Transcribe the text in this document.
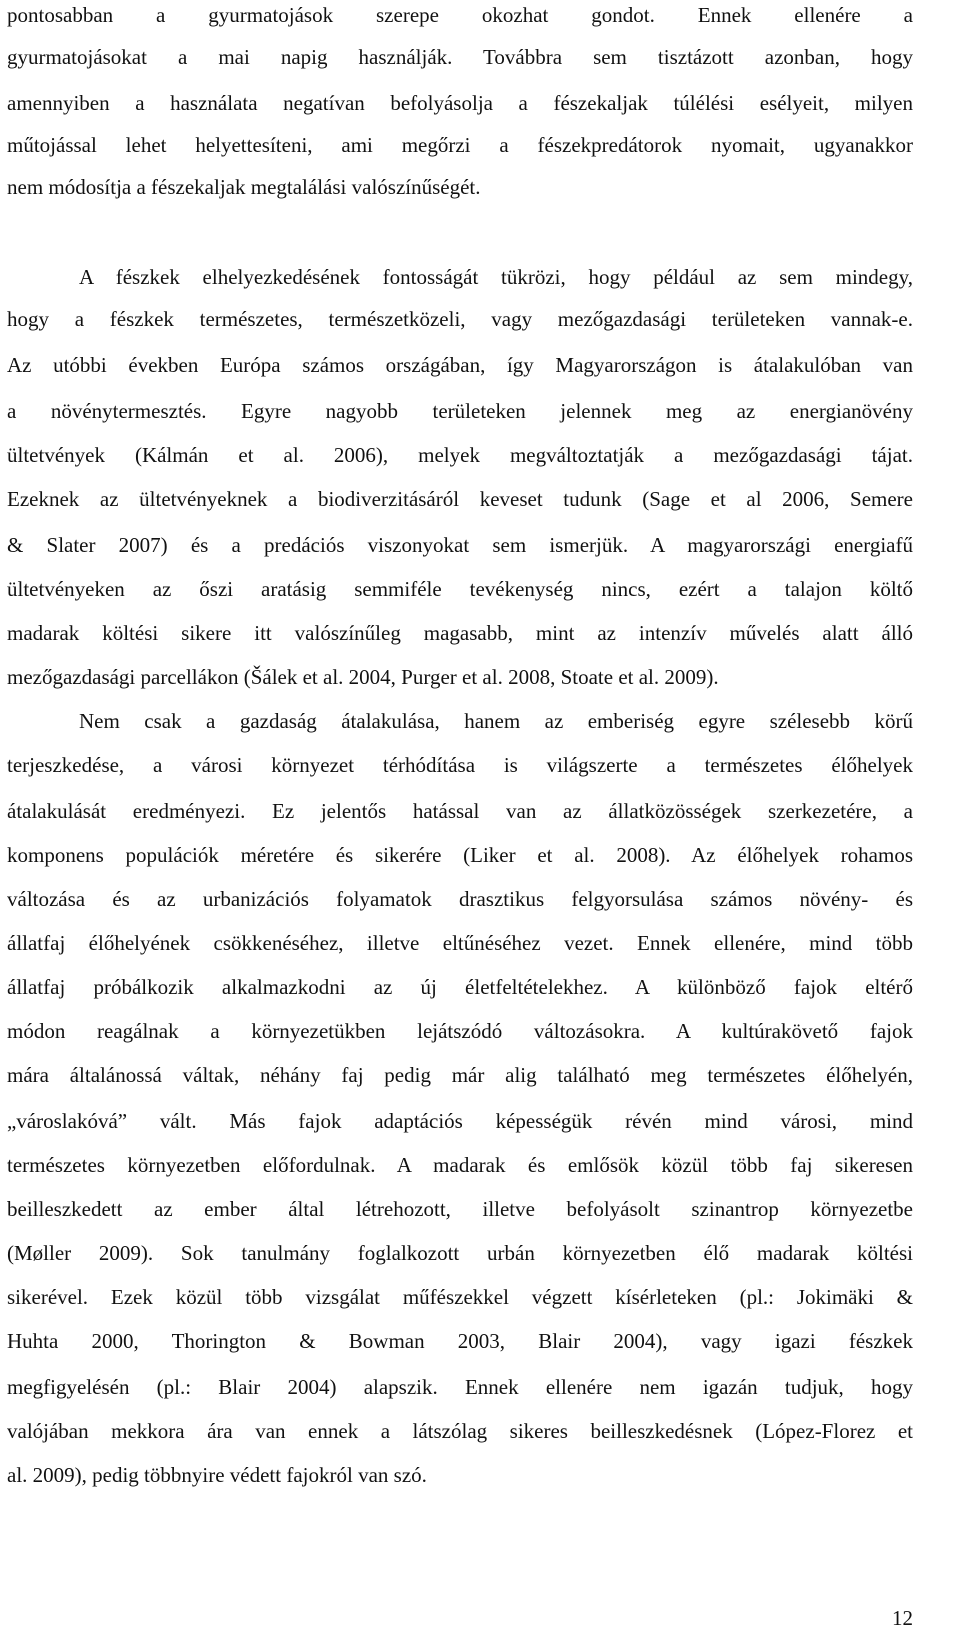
pontosabban a gyurmatojások szerepe okozhat gondot. Ennek ellenére a
gyurmatojásokat a mai napig használják. Továbbra sem tisztázott azonban, hogy
amennyiben a használata negatívan befolyásolja a fészekaljak túlélési esélyeit, milyen
műtojással lehet helyettesíteni, ami megőrzi a fészekpredátorok nyomait, ugyanakkor
nem módosítja a fészekaljak megtalálási valószínűségét.
A fészkek elhelyezkedésének fontosságát tükrözi, hogy például az sem mindegy,
hogy a fészkek természetes, természetközeli, vagy mezőgazdasági területeken vannak-e.
Az utóbbi években Európa számos országában, így Magyarországon is átalakulóban van
a növénytermesztés. Egyre nagyobb területeken jelennek meg az energianövény
ültetvények (Kálmán et al. 2006), melyek megváltoztatják a mezőgazdasági tájat.
Ezeknek az ültetvényeknek a biodiverzitásáról keveset tudunk (Sage et al 2006, Semere
& Slater 2007) és a predációs viszonyokat sem ismerjük. A magyarországi energiafű
ültetvényeken az őszi aratásig semmiféle tevékenység nincs, ezért a talajon költő
madarak költési sikere itt valószínűleg magasabb, mint az intenzív művelés alatt álló
mezőgazdasági parcellákon (Šálek et al. 2004, Purger et al. 2008, Stoate et al. 2009).
Nem csak a gazdaság átalakulása, hanem az emberiség egyre szélesebb körű
terjeszkedése, a városi környezet térhódítása is világszerte a természetes élőhelyek
átalakulását eredményezi. Ez jelentős hatással van az állatközösségek szerkezetére, a
komponens populációk méretére és sikerére (Liker et al. 2008). Az élőhelyek rohamos
változása és az urbanizációs folyamatok drasztikus felgyorsulása számos növény- és
állatfaj élőhelyének csökkenéséhez, illetve eltűnéséhez vezet. Ennek ellenére, mind több
állatfaj próbálkozik alkalmazkodni az új életfeltételekhez. A különböző fajok eltérő
módon reagálnak a környezetükben lejátszódó változásokra. A kultúrakövető fajok
mára általánossá váltak, néhány faj pedig már alig található meg természetes élőhelyén,
„városlakóvá” vált. Más fajok adaptációs képességük révén mind városi, mind
természetes környezetben előfordulnak. A madarak és emlősök közül több faj sikeresen
beilleszkedett az ember által létrehozott, illetve befolyásolt szinantrop környezetbe
(Møller 2009). Sok tanulmány foglalkozott urbán környezetben élő madarak költési
sikerével. Ezek közül több vizsgálat műfészekkel végzett kísérleteken (pl.: Jokimäki &
Huhta 2000, Thorington & Bowman 2003, Blair 2004), vagy igazi fészkek
megfigyelésén (pl.: Blair 2004) alapszik. Ennek ellenére nem igazán tudjuk, hogy
valójában mekkora ára van ennek a látszólag sikeres beilleszkedésnek (López-Florez et
al. 2009), pedig többnyire védett fajokról van szó.
12
